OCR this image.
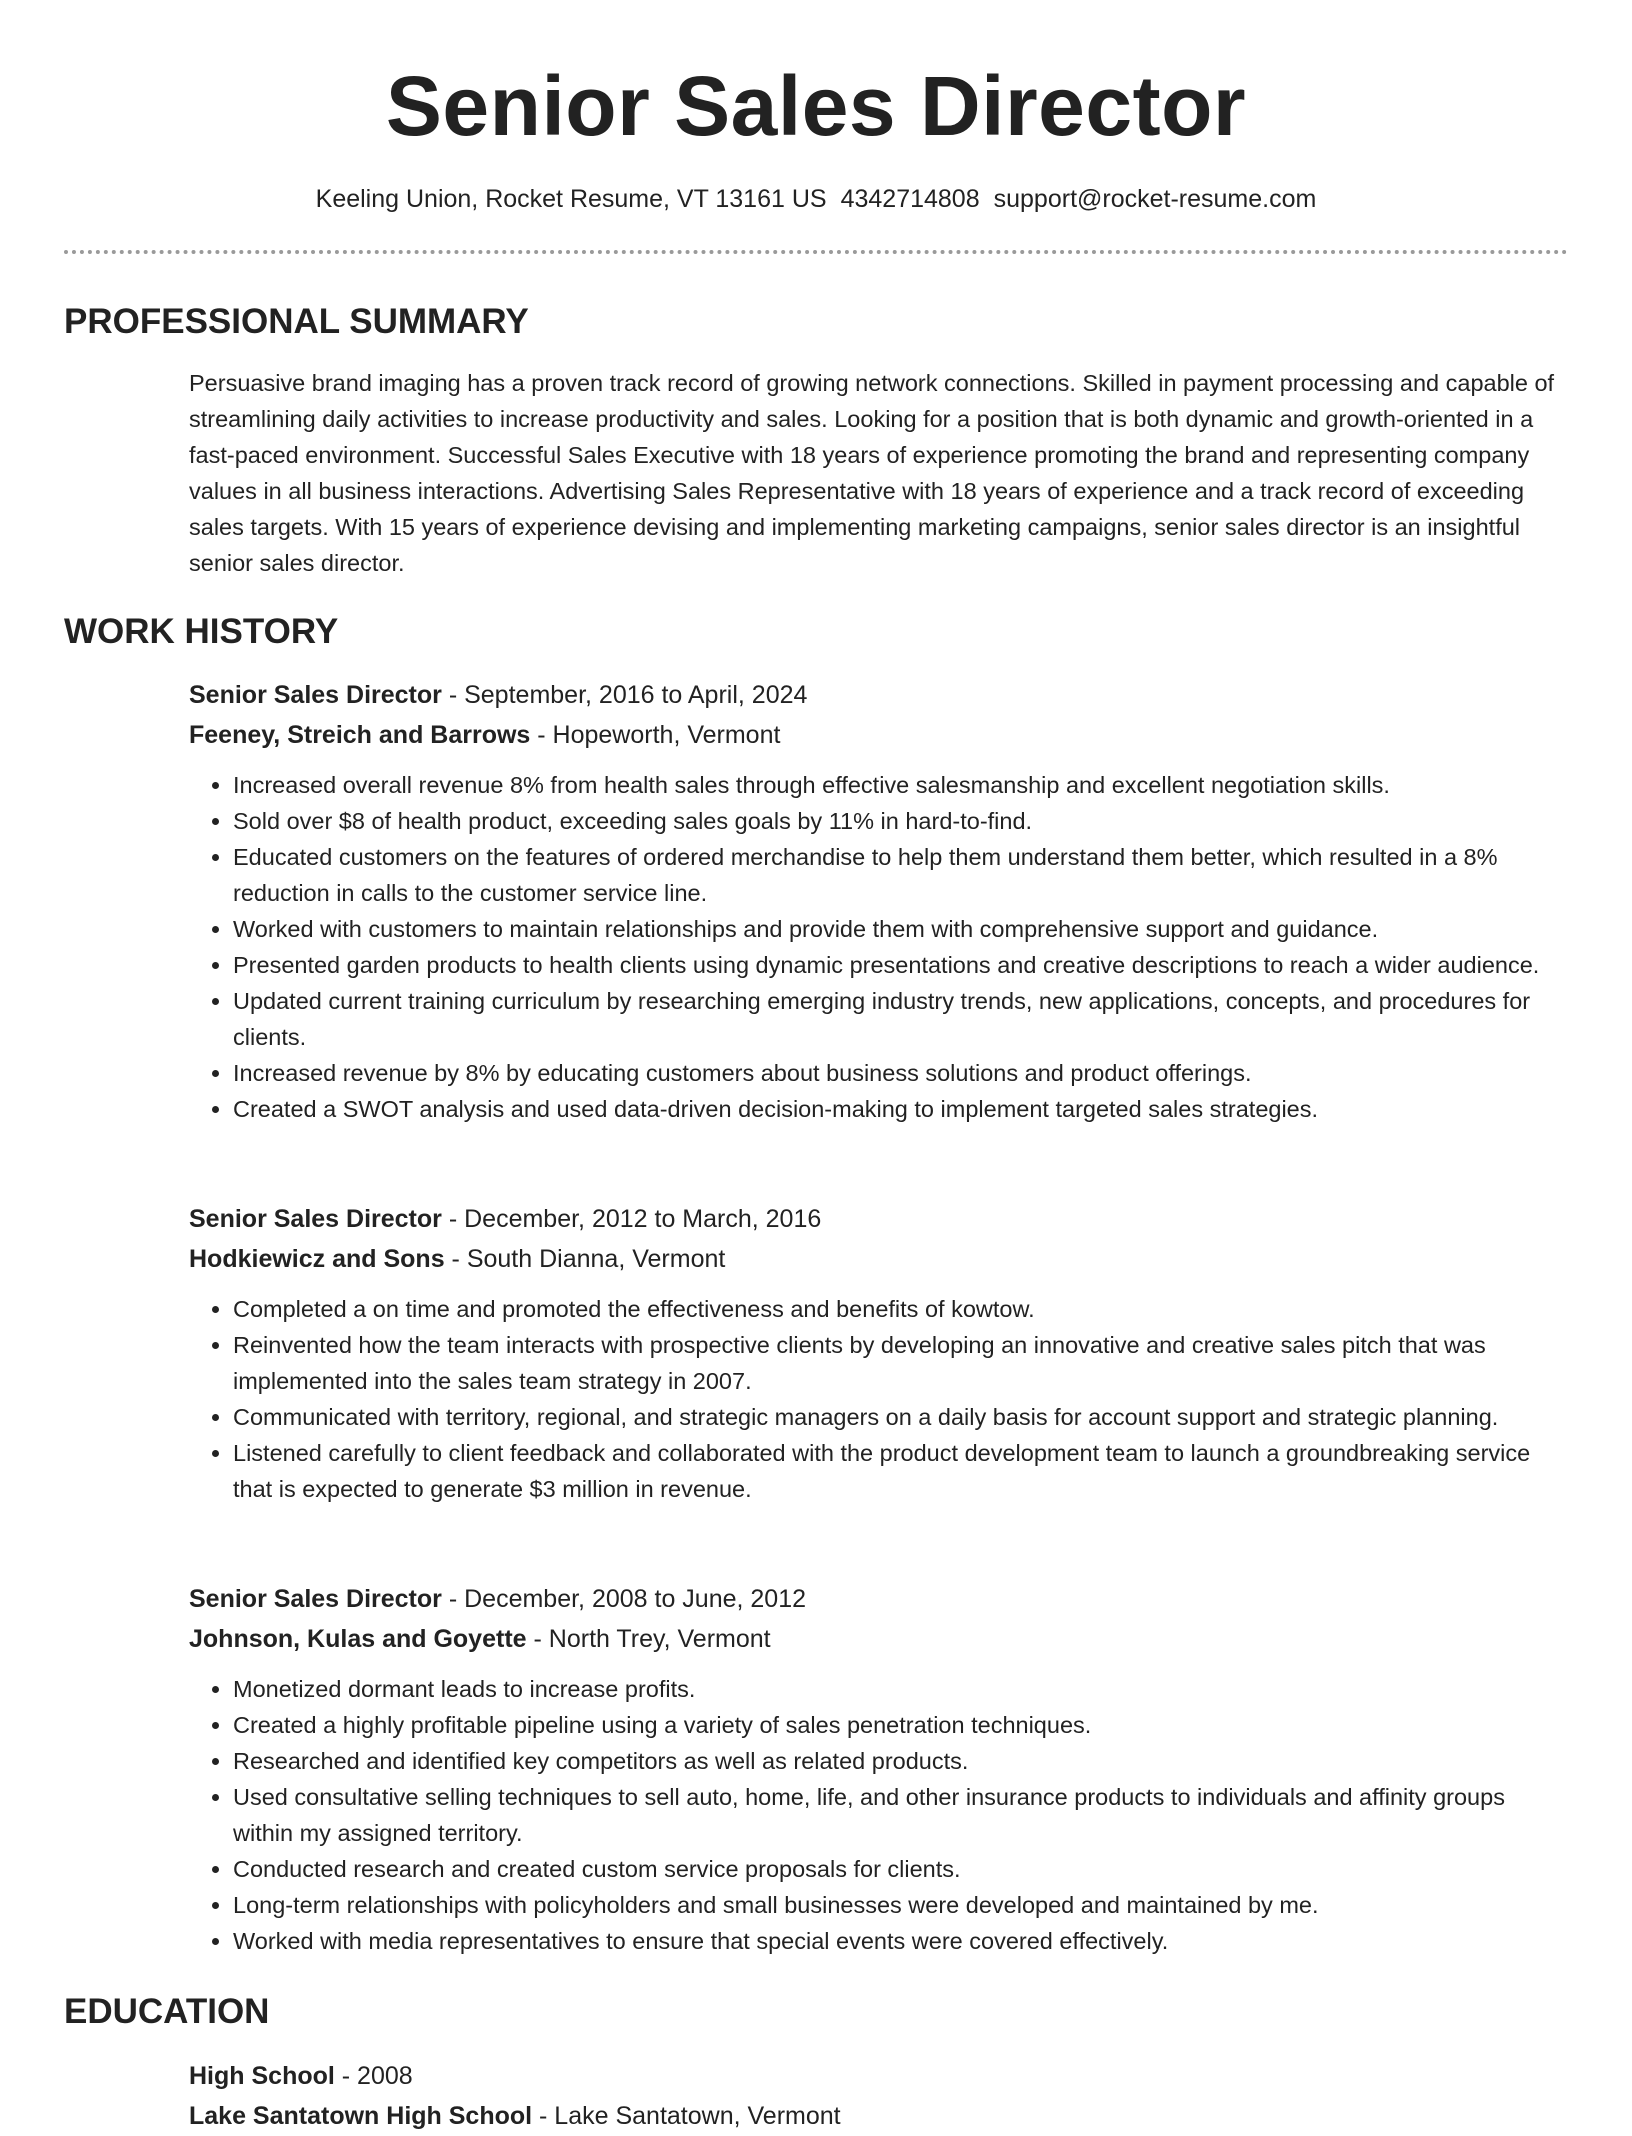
Senior Sales Director
Keeling Union, Rocket Resume, VT 13161 US 4342714808 support@rocket-resume.com
PROFESSIONAL SUMMARY

Persuasive brand imaging has a proven track record of growing network connections. Skilled in payment processing and capable of streamlining daily activities to increase productivity and sales. Looking for a position that is both dynamic and growth-oriented in a fast-paced environment. Successful Sales Executive with 18 years of experience promoting the brand and representing company values in all business interactions. Advertising Sales Representative with 18 years of experience and a track record of exceeding sales targets. With 15 years of experience devising and implementing marketing campaigns, senior sales director is an insightful senior sales director.

WORK HISTORY
Senior Sales Director - September, 2016 to April, 2024
Feeney, Streich and Barrows - Hopeworth, Vermont
• Increased overall revenue 8% from health sales through effective salesmanship and excellent negotiation skills.
• Sold over $8 of health product, exceeding sales goals by 11% in hard-to-find.
• Educated customers on the features of ordered merchandise to help them understand them better, which resulted in a 8% reduction in calls to the customer service line.
• Worked with customers to maintain relationships and provide them with comprehensive support and guidance.
• Presented garden products to health clients using dynamic presentations and creative descriptions to reach a wider audience.
• Updated current training curriculum by researching emerging industry trends, new applications, concepts, and procedures for clients.
• Increased revenue by 8% by educating customers about business solutions and product offerings.
• Created a SWOT analysis and used data-driven decision-making to implement targeted sales strategies.
Senior Sales Director - December, 2012 to March, 2016
Hodkiewicz and Sons - South Dianna, Vermont
• Completed a on time and promoted the effectiveness and benefits of kowtow.
• Reinvented how the team interacts with prospective clients by developing an innovative and creative sales pitch that was implemented into the sales team strategy in 2007.
• Communicated with territory, regional, and strategic managers on a daily basis for account support and strategic planning.
• Listened carefully to client feedback and collaborated with the product development team to launch a groundbreaking service that is expected to generate $3 million in revenue.
Senior Sales Director - December, 2008 to June, 2012
Johnson, Kulas and Goyette - North Trey, Vermont
• Monetized dormant leads to increase profits.
• Created a highly profitable pipeline using a variety of sales penetration techniques.
• Researched and identified key competitors as well as related products.
• Used consultative selling techniques to sell auto, home, life, and other insurance products to individuals and affinity groups within my assigned territory.
• Conducted research and created custom service proposals for clients.
• Long-term relationships with policyholders and small businesses were developed and maintained by me.
• Worked with media representatives to ensure that special events were covered effectively.
EDUCATION
High School - 2008
Lake Santatown High School - Lake Santatown, Vermont
